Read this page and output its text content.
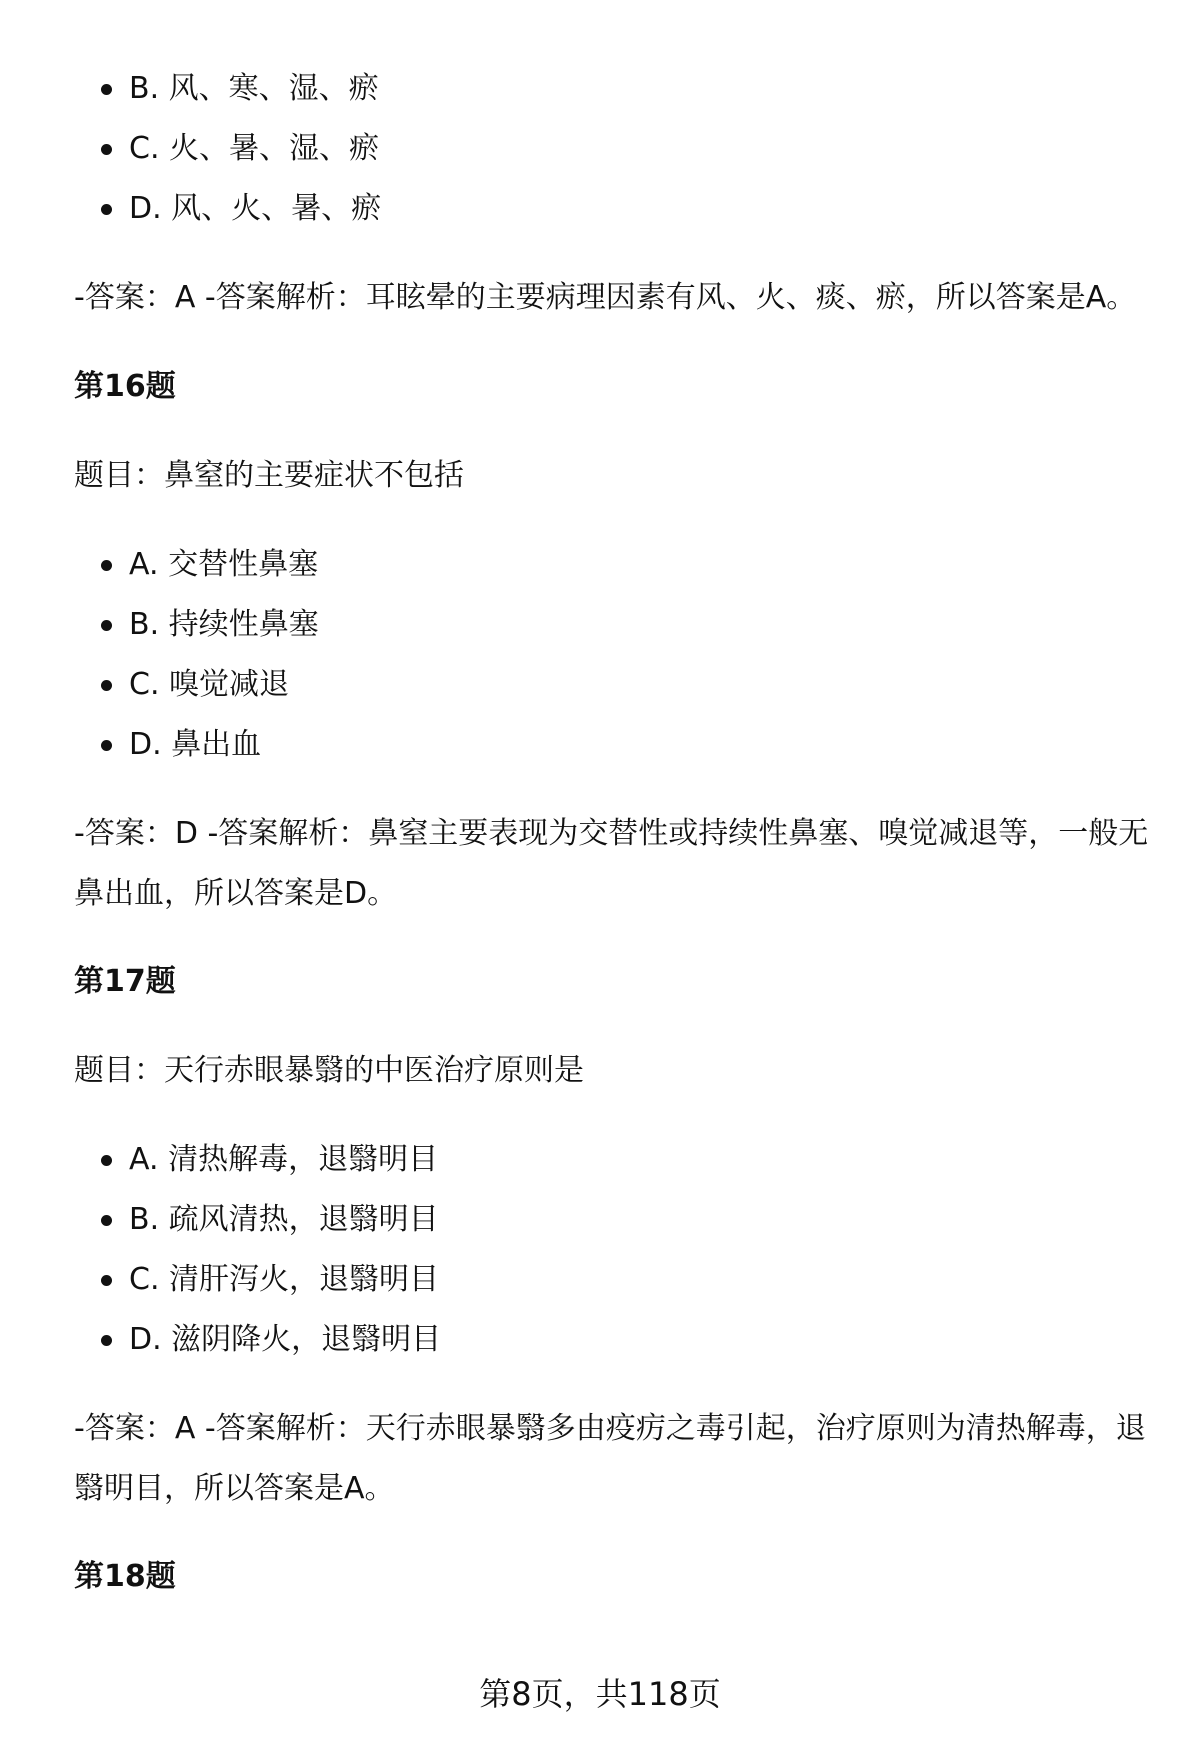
B. 风、寒、湿、瘀
C. 火、暑、湿、瘀
D. 风、火、暑、瘀

-答案：A -答案解析：耳眩晕的主要病理因素有风、火、痰、瘀，所以答案是A。

第16题

题目：鼻窒的主要症状不包括

A. 交替性鼻塞
B. 持续性鼻塞
C. 嗅觉减退
D. 鼻出血

-答案：D -答案解析：鼻窒主要表现为交替性或持续性鼻塞、嗅觉减退等，一般无鼻出血，所以答案是D。

第17题

题目：天行赤眼暴翳的中医治疗原则是

A. 清热解毒，退翳明目
B. 疏风清热，退翳明目
C. 清肝泻火，退翳明目
D. 滋阴降火，退翳明目

-答案：A -答案解析：天行赤眼暴翳多由疫疠之毒引起，治疗原则为清热解毒，退翳明目，所以答案是A。

第18题

第8页，共118页
